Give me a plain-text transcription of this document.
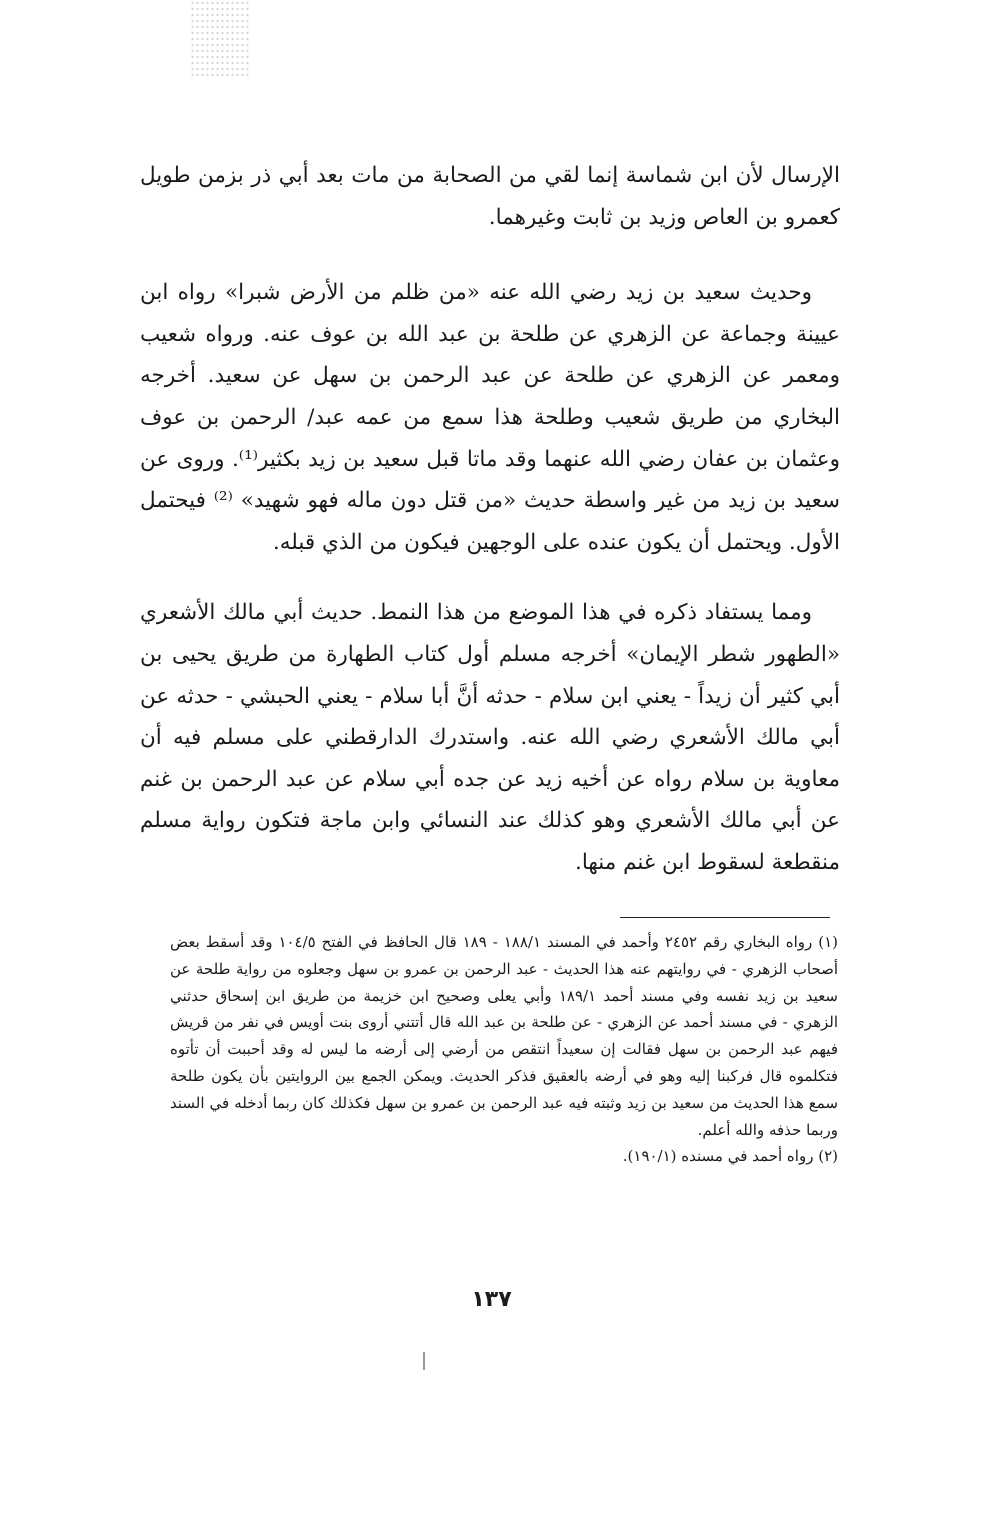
الإرسال لأن ابن شماسة إنما لقي من الصحابة من مات بعد أبي ذر بزمن طويل كعمرو بن العاص وزيد بن ثابت وغيرهما.

وحديث سعيد بن زيد رضي الله عنه «من ظلم من الأرض شبرا» رواه ابن عيينة وجماعة عن الزهري عن طلحة بن عبد الله بن عوف عنه. ورواه شعيب ومعمر عن الزهري عن طلحة عن عبد الرحمن بن سهل عن سعيد. أخرجه البخاري من طريق شعيب وطلحة هذا سمع من عمه عبد/ الرحمن بن عوف وعثمان بن عفان رضي الله عنهما وقد ماتا قبل سعيد بن زيد بكثير⁽¹⁾. وروى عن سعيد بن زيد من غير واسطة حديث «من قتل دون ماله فهو شهيد» ⁽²⁾ فيحتمل الأول. ويحتمل أن يكون عنده على الوجهين فيكون من الذي قبله.

ومما يستفاد ذكره في هذا الموضع من هذا النمط. حديث أبي مالك الأشعري «الطهور شطر الإيمان» أخرجه مسلم أول كتاب الطهارة من طريق يحيى بن أبي كثير أن زيداً - يعني ابن سلام - حدثه أنَّ أبا سلام - يعني الحبشي - حدثه عن أبي مالك الأشعري رضي الله عنه. واستدرك الدارقطني على مسلم فيه أن معاوية بن سلام رواه عن أخيه زيد عن جده أبي سلام عن عبد الرحمن بن غنم عن أبي مالك الأشعري وهو كذلك عند النسائي وابن ماجة فتكون رواية مسلم منقطعة لسقوط ابن غنم منها.

(١) رواه البخاري رقم ٢٤٥٢ وأحمد في المسند ١٨٨/١ - ١٨٩ قال الحافظ في الفتح ١٠٤/٥ وقد أسقط بعض أصحاب الزهري - في روايتهم عنه هذا الحديث - عبد الرحمن بن عمرو بن سهل وجعلوه من رواية طلحة عن سعيد بن زيد نفسه وفي مسند أحمد ١٨٩/١ وأبي يعلى وصحيح ابن خزيمة من طريق ابن إسحاق حدثني الزهري - في مسند أحمد عن الزهري - عن طلحة بن عبد الله قال أتتني أروى بنت أويس في نفر من قريش فيهم عبد الرحمن بن سهل فقالت إن سعيداً انتقص من أرضي إلى أرضه ما ليس له وقد أحببت أن تأتوه فتكلموه قال فركبنا إليه وهو في أرضه بالعقيق فذكر الحديث. ويمكن الجمع بين الروايتين بأن يكون طلحة سمع هذا الحديث من سعيد بن زيد وثبته فيه عبد الرحمن بن عمرو بن سهل فكذلك كان ربما أدخله في السند وربما حذفه والله أعلم.

(٢) رواه أحمد في مسنده (١٩٠/١).

١٣٧
